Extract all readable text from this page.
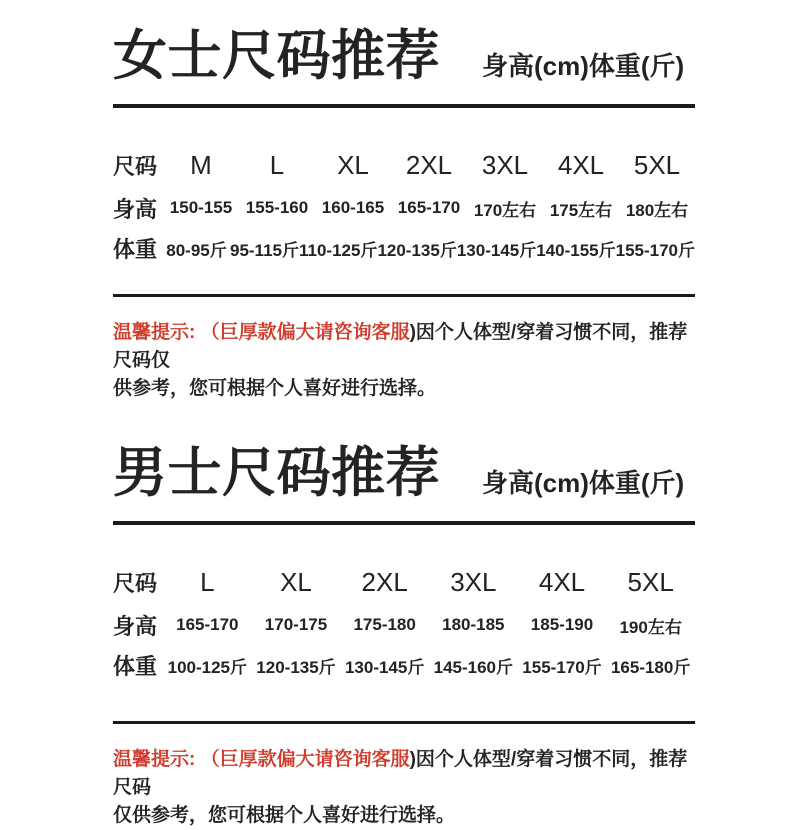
女士尺码推荐 身高(cm)体重(斤)
尺码	M	L	XL	2XL	3XL	4XL	5XL
身高 150-155 155-160 160-165 165-170 170左右 175左右 180左右
体重 80-95斤 95-115斤 110-125斤 120-135斤 130-145斤 140-155斤 155-170斤

温馨提示: （巨厚款偏大请咨询客服)因个人体型/穿着习惯不同，推荐尺码仅
供参考，您可根据个人喜好进行选择。

男士尺码推荐 身高(cm)体重(斤)
尺码	L	XL	2XL	3XL	4XL	5XL
身高	165-170	170-175	175-180	180-185	185-190	190左右
体重 100-125斤 120-135斤 130-145斤 145-160斤 155-170斤 165-180斤

温馨提示: （巨厚款偏大请咨询客服)因个人体型/穿着习惯不同，推荐尺码
仅供参考，您可根据个人喜好进行选择。
